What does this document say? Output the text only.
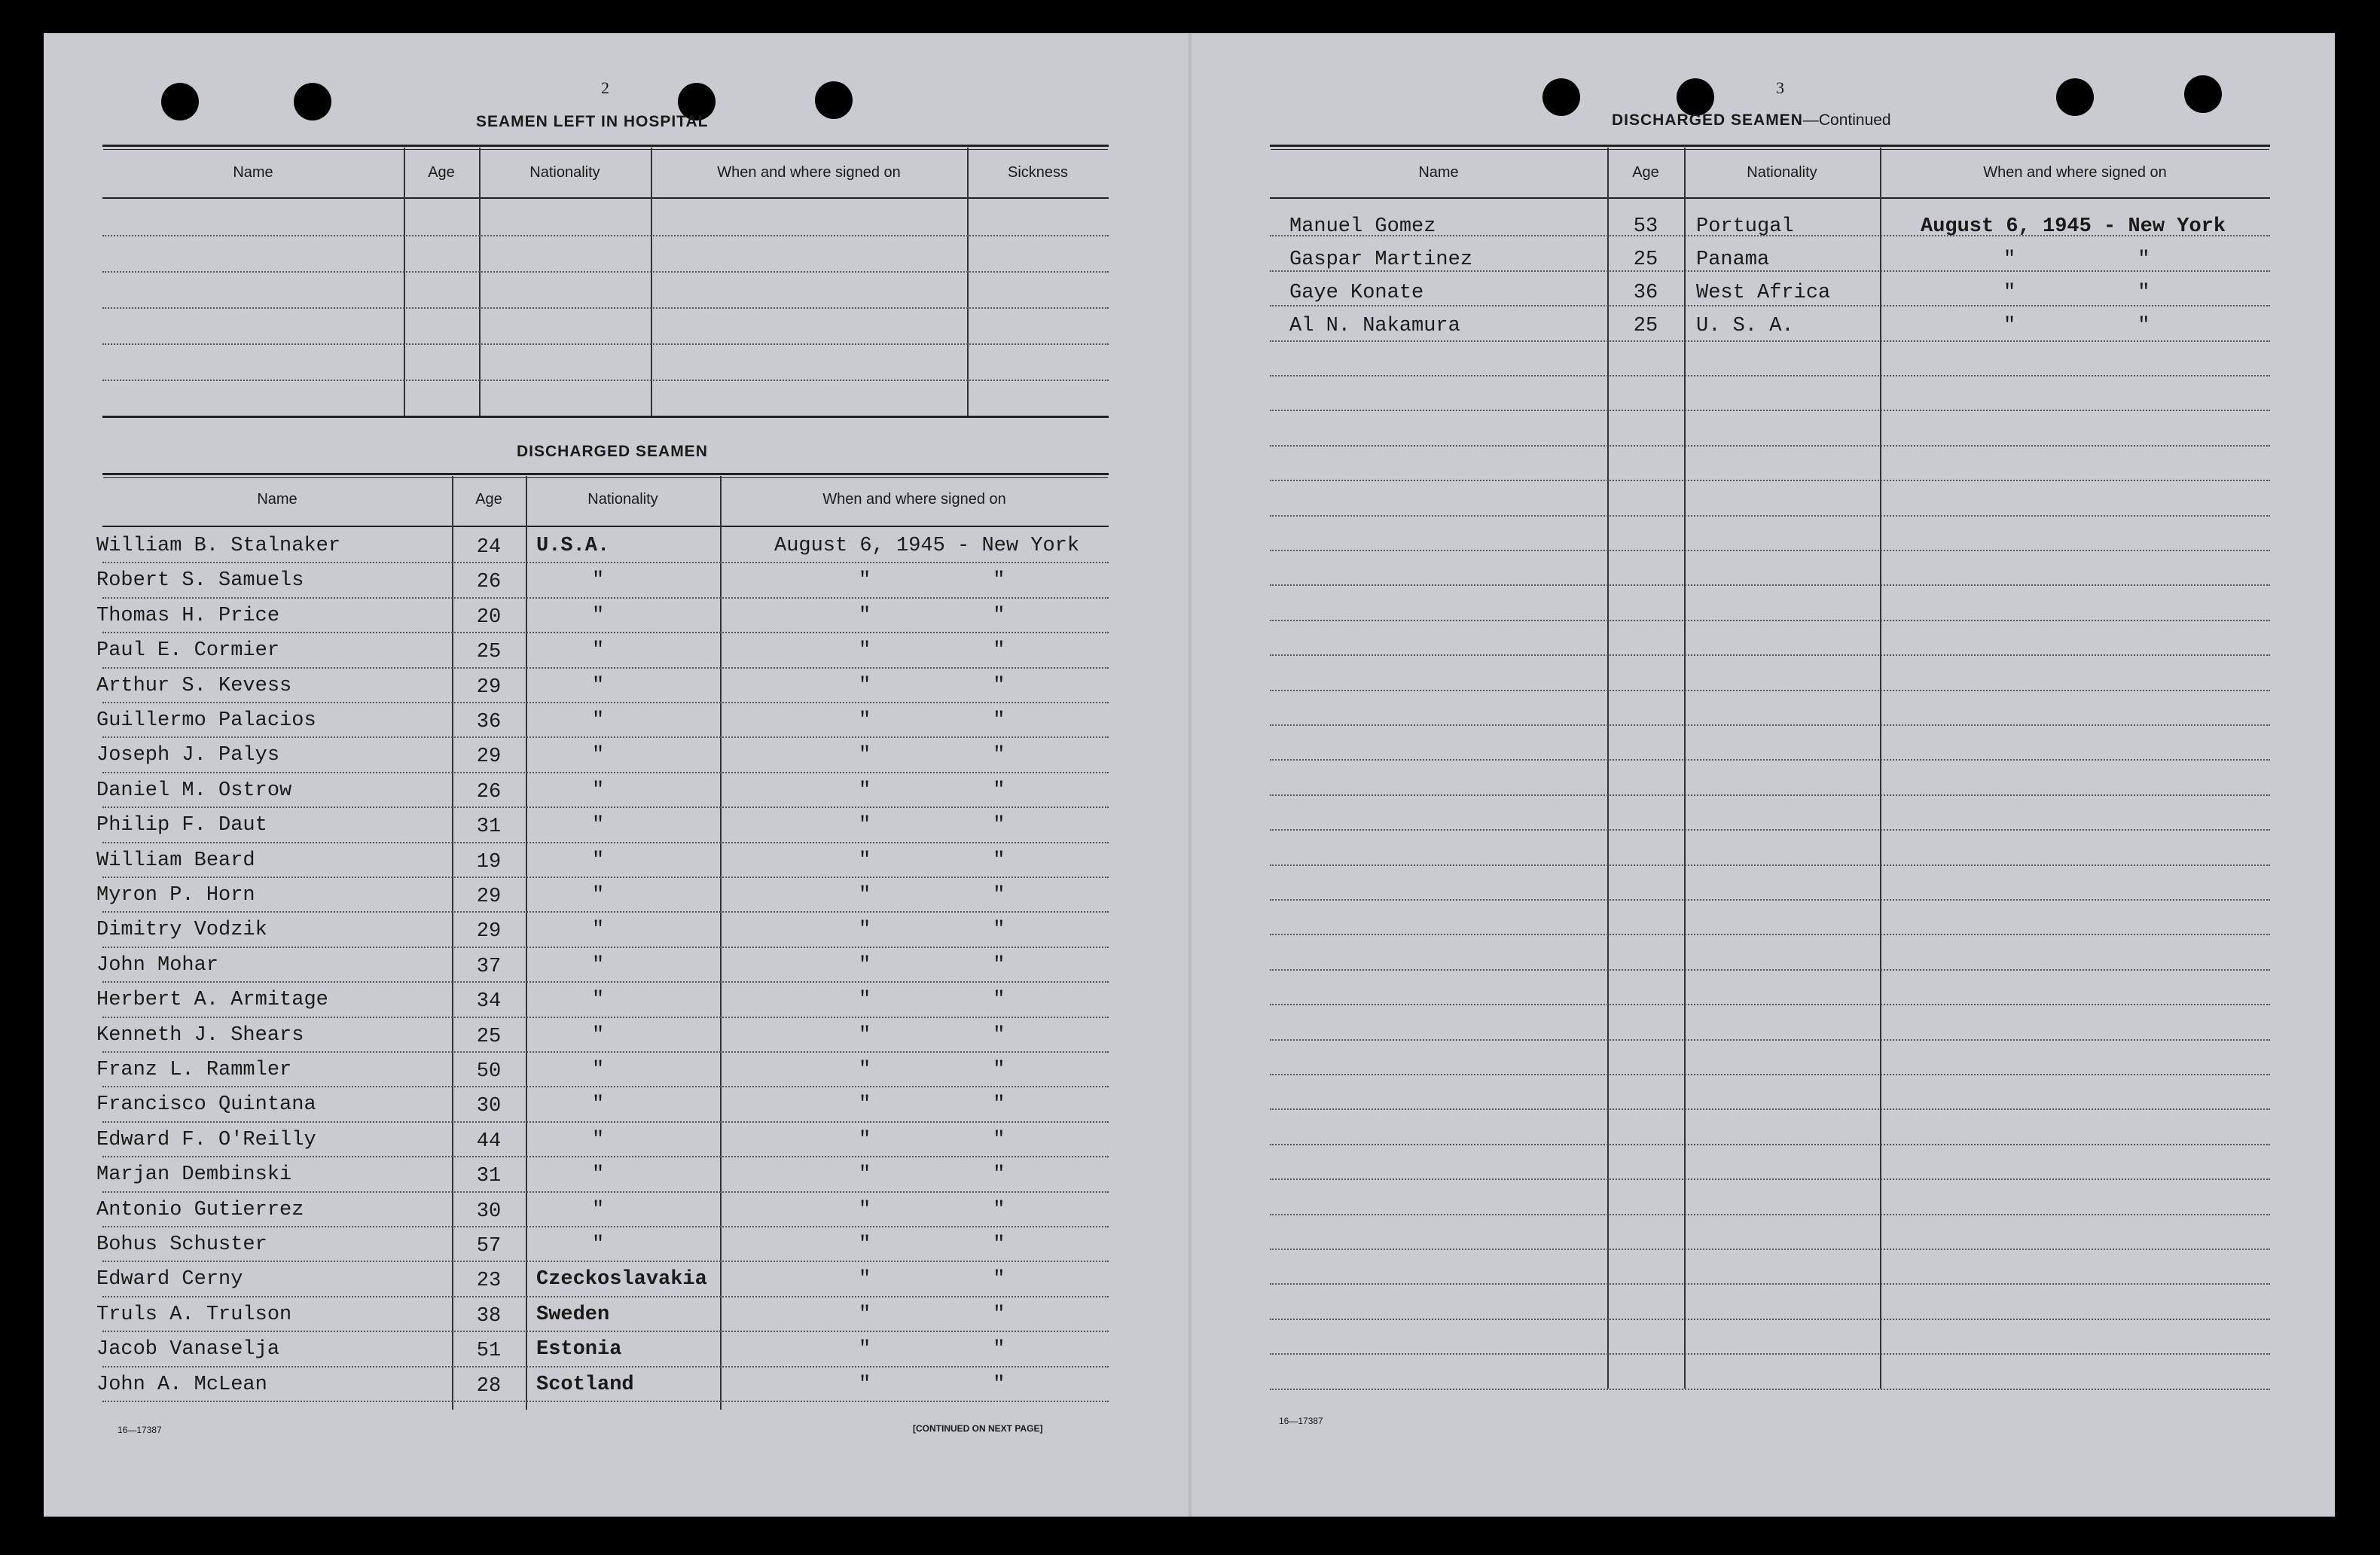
2
SEAMEN LEFT IN HOSPITAL
Name	Age	Nationality	When and where signed on	Sickness
DISCHARGED SEAMEN
Name	Age	Nationality	When and where signed on
William B. Stalnaker	24	U.S.A.	August 6, 1945 - New York
Robert S. Samuels	26	"	"          "
Thomas H. Price	20	"	"          "
Paul E. Cormier	25	"	"          "
Arthur S. Kevess	29	"	"          "
Guillermo Palacios	36	"	"          "
Joseph J. Palys	29	"	"          "
Daniel M. Ostrow	26	"	"          "
Philip F. Daut	31	"	"          "
William Beard	19	"	"          "
Myron P. Horn	29	"	"          "
Dimitry Vodzik	29	"	"          "
John Mohar	37	"	"          "
Herbert A. Armitage	34	"	"          "
Kenneth J. Shears	25	"	"          "
Franz L. Rammler	50	"	"          "
Francisco Quintana	30	"	"          "
Edward F. O'Reilly	44	"	"          "
Marjan Dembinski	31	"	"          "
Antonio Gutierrez	30	"	"          "
Bohus Schuster	57	"	"          "
Edward Cerny	23	Czeckoslavakia	"          "
Truls A. Trulson	38	Sweden	"          "
Jacob Vanaselja	51	Estonia	"          "
John A. McLean	28	Scotland	"          "
16—17387	[CONTINUED ON NEXT PAGE]
3
DISCHARGED SEAMEN—Continued
Name	Age	Nationality	When and where signed on
Manuel Gomez	53	Portugal	August 6, 1945 - New York
Gaspar Martinez	25	Panama	"          "
Gaye Konate	36	West Africa	"          "
Al N. Nakamura	25	U. S. A.	"          "
16—17387
